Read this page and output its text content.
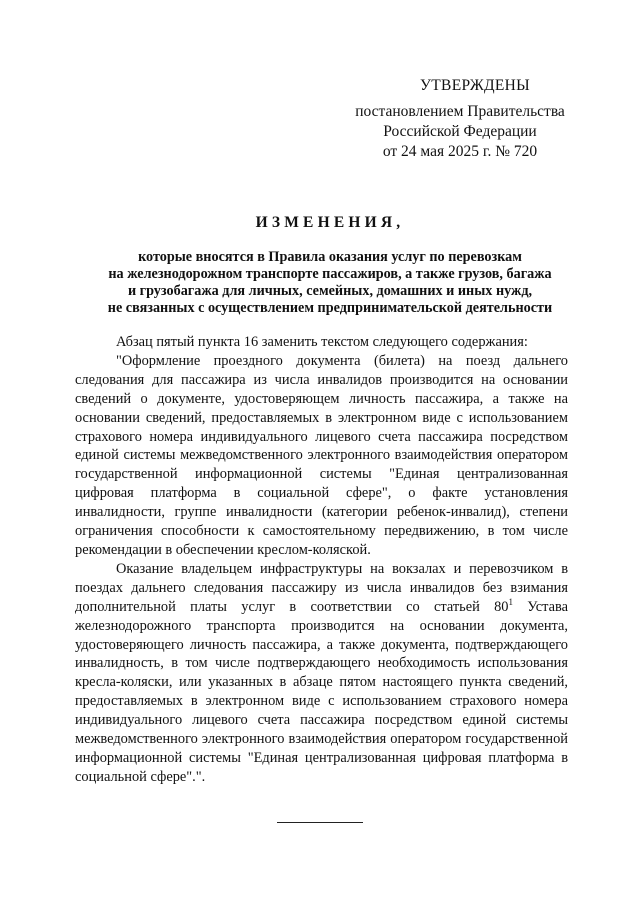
УТВЕРЖДЕНЫ
постановлением Правительства
Российской Федерации
от 24 мая 2025 г. № 720
ИЗМЕНЕНИЯ,
которые вносятся в Правила оказания услуг по перевозкам
на железнодорожном транспорте пассажиров, а также грузов, багажа
и грузобагажа для личных, семейных, домашних и иных нужд,
не связанных с осуществлением предпринимательской деятельности

Абзац пятый пункта 16 заменить текстом следующего содержания:

"Оформление проездного документа (билета) на поезд дальнего следования для пассажира из числа инвалидов производится на основании сведений о документе, удостоверяющем личность пассажира, а также на основании сведений, предоставляемых в электронном виде с использованием страхового номера индивидуального лицевого счета пассажира посредством единой системы межведомственного электронного взаимодействия оператором государственной информационной системы "Единая централизованная цифровая платформа в социальной сфере", о факте установления инвалидности, группе инвалидности (категории ребенок-инвалид), степени ограничения способности к самостоятельному передвижению, в том числе рекомендации в обеспечении креслом-коляской.

Оказание владельцем инфраструктуры на вокзалах и перевозчиком в поездах дальнего следования пассажиру из числа инвалидов без взимания дополнительной платы услуг в соответствии со статьей $80^1$ Устава железнодорожного транспорта производится на основании документа, удостоверяющего личность пассажира, а также документа, подтверждающего инвалидность, в том числе подтверждающего необходимость использования кресла-коляски, или указанных в абзаце пятом настоящего пункта сведений, предоставляемых в электронном виде с использованием страхового номера индивидуального лицевого счета пассажира посредством единой системы межведомственного электронного взаимодействия оператором государственной информационной системы "Единая централизованная цифровая платформа в социальной сфере".".
